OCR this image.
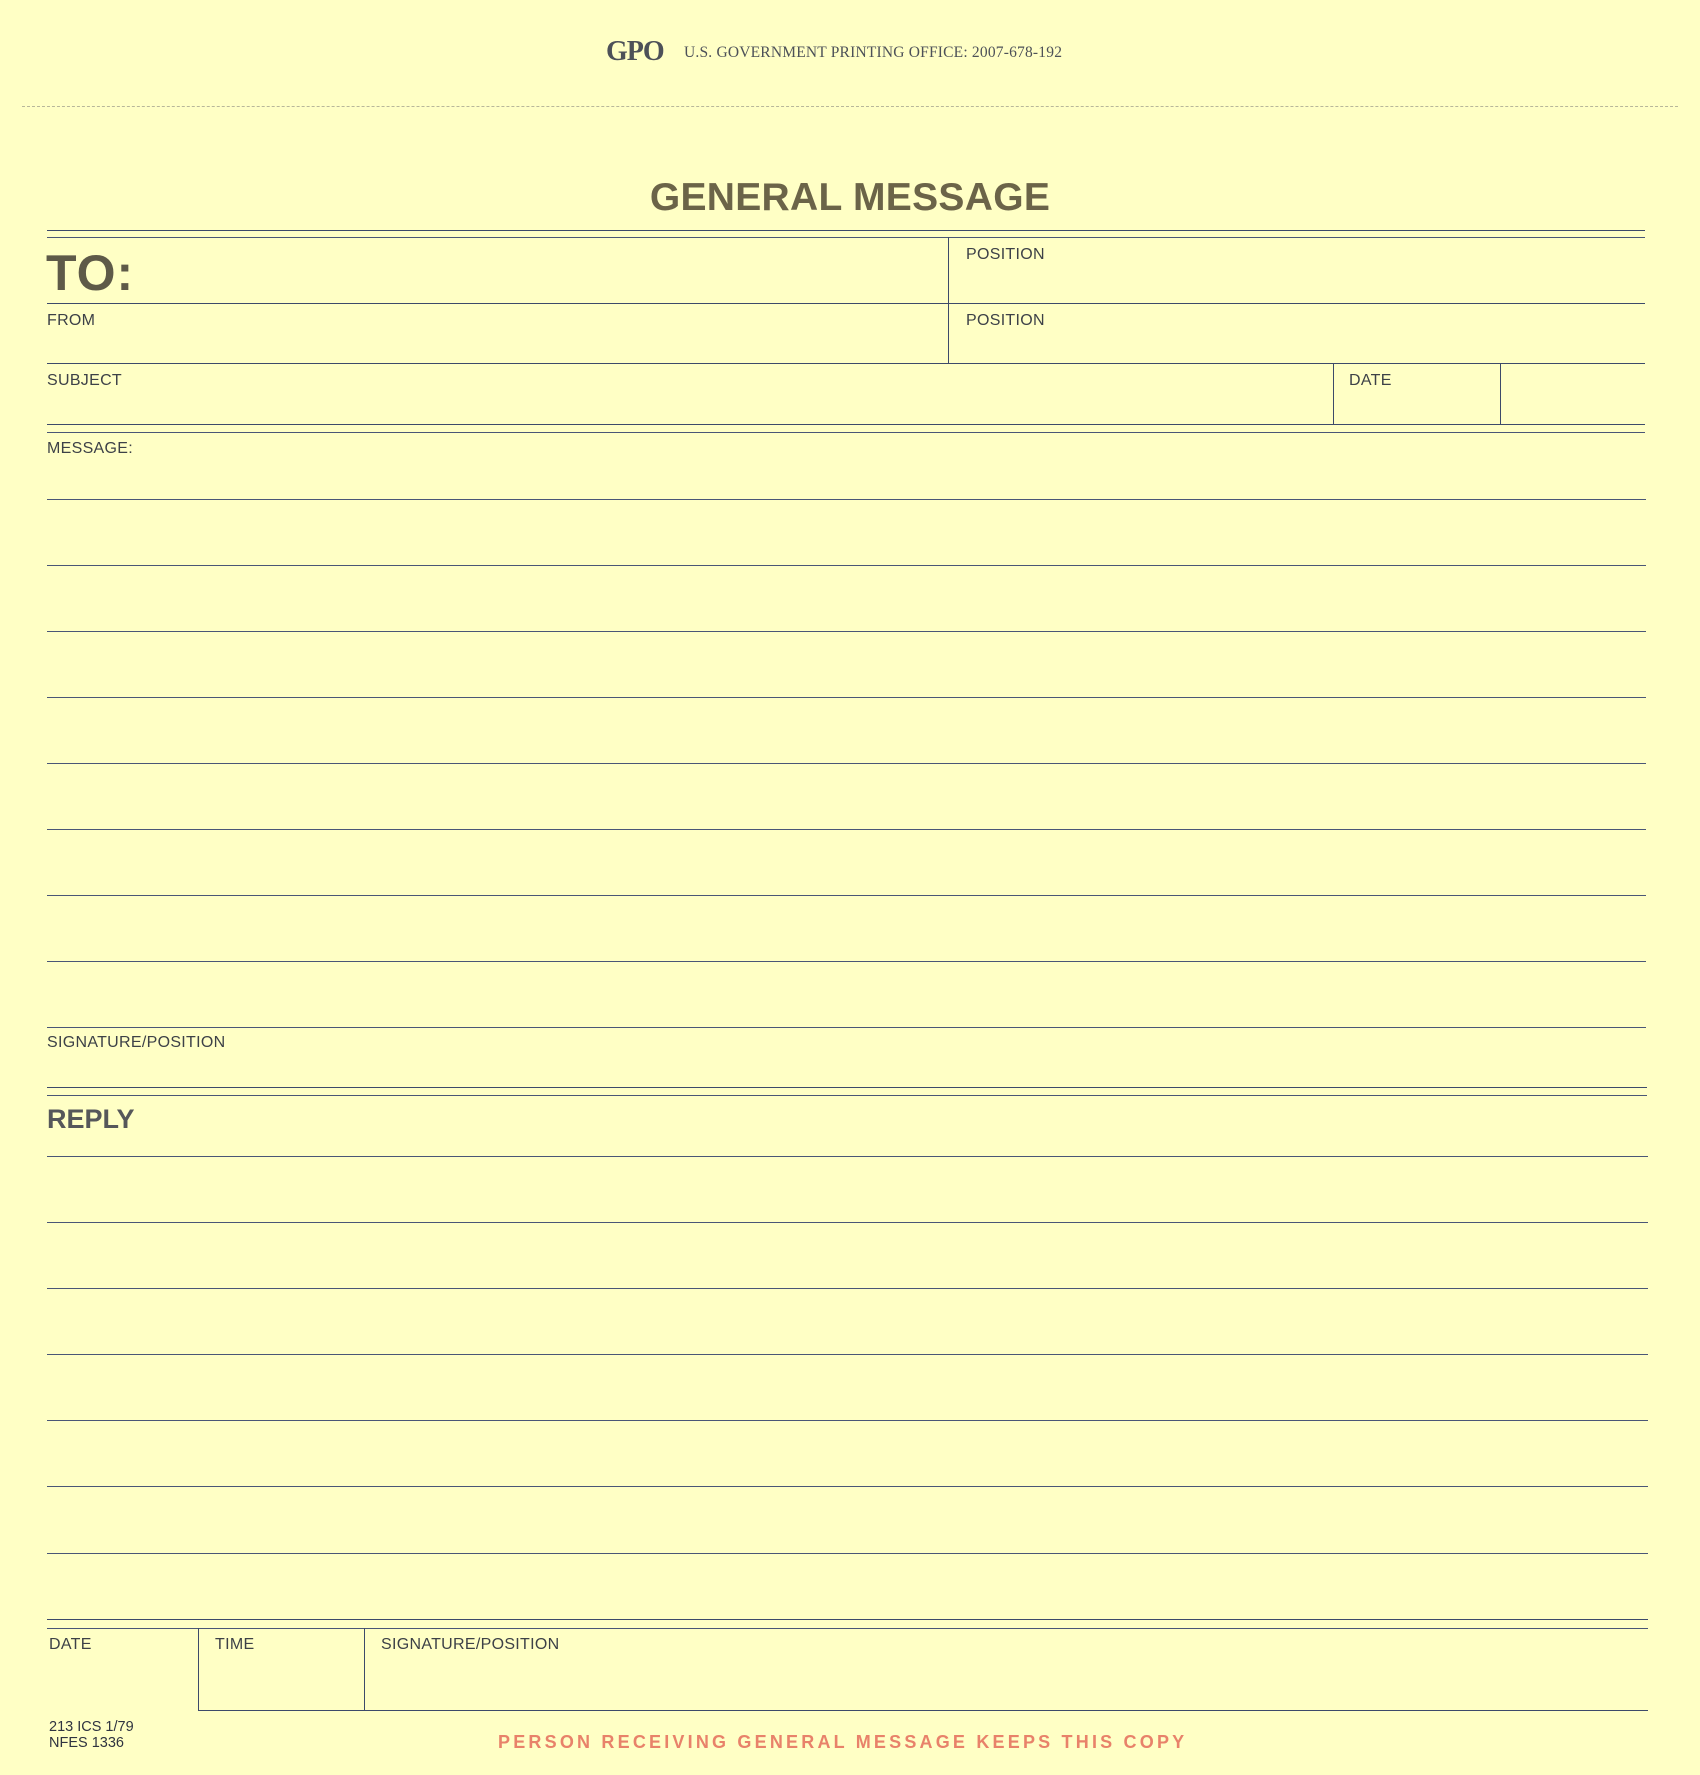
GPO U.S. GOVERNMENT PRINTING OFFICE: 2007-678-192
GENERAL MESSAGE
TO:	POSITION
FROM	POSITION
SUBJECT	DATE
MESSAGE:
SIGNATURE/POSITION
REPLY
DATE	TIME	SIGNATURE/POSITION
213 ICS 1/79
NFES 1336	PERSON RECEIVING GENERAL MESSAGE KEEPS THIS COPY
